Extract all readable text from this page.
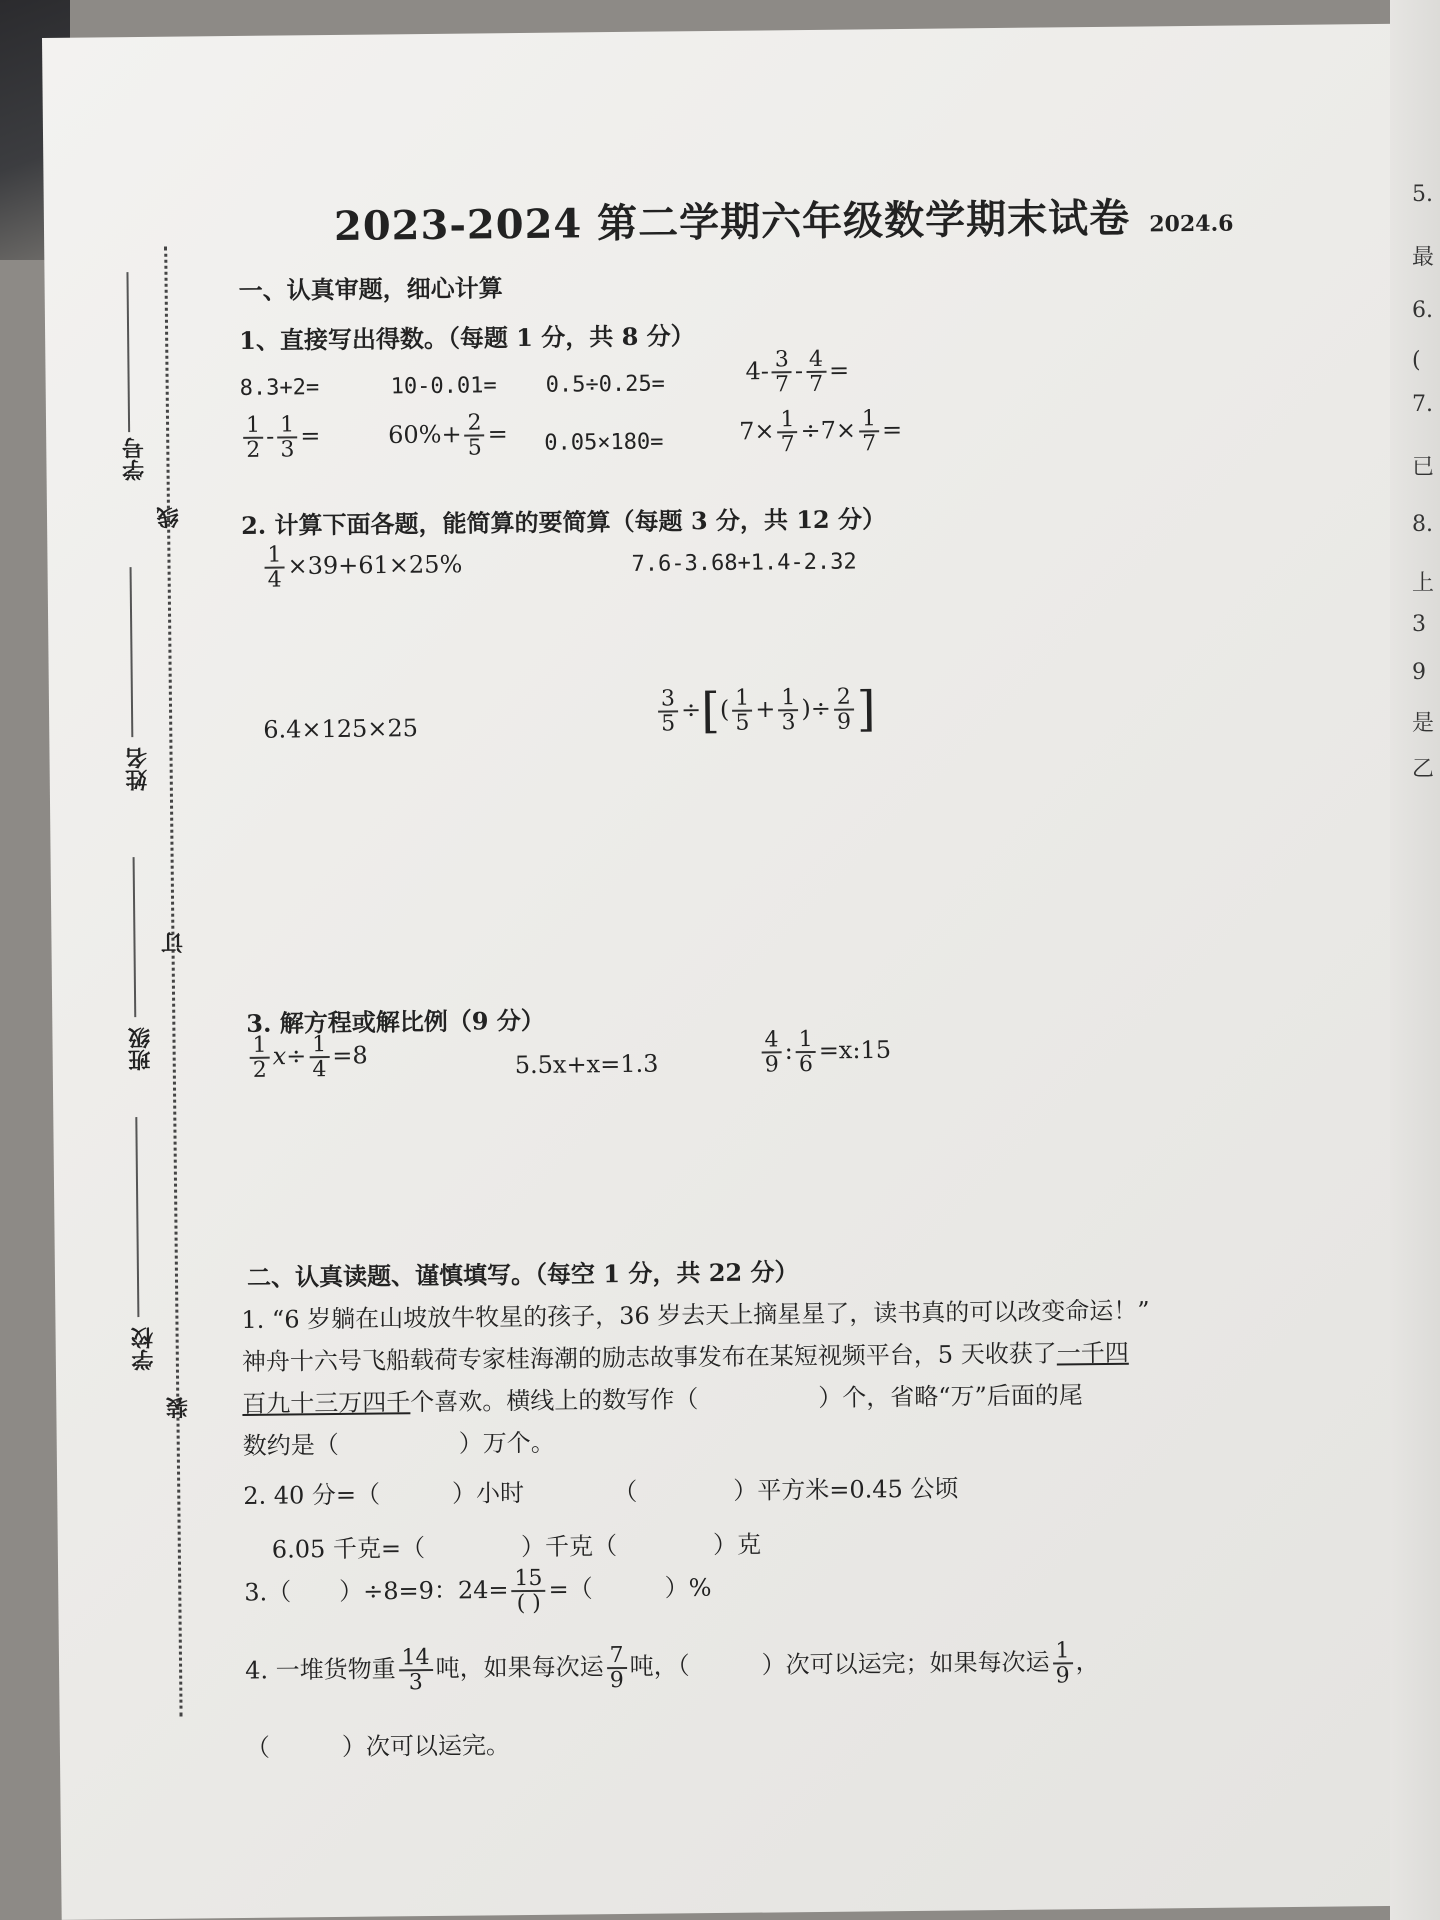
学号
线
姓名
订
班级
学校
装
2023-2024 第二学期六年级数学期末试卷 2024.6
一、认真审题，细心计算
1、直接写出得数。（每题 1 分，共 8 分）
8.3+2=	10-0.01= 0.5÷0.25=	$4- \frac{3}{7} - \frac{4}{7}$ =
$\frac{1}{2} - \frac{1}{3}$ =	$60\%+ \frac{2}{5} = 0.05\times 180=$	$7\times \frac{1}{7} \div 7\times \frac{1}{7}$ =
2. 计算下面各题，能简算的要简算（每题 3 分，共 12 分）
$\frac{1}{4} \times 39+61\times 25\%$	7.6-3.68+1.4-2.32
6.4×125×25	$\frac{3}{5}$ ÷[( $\frac{1}{5} + \frac{1}{3}$ )÷ $\frac{2}{9}$ ]
3. 解方程或解比例（9 分）
$\frac{1}{2} x\div \frac{1}{4} =8$	5.5x+x=1.3	$\frac{4}{9}$ : $\frac{1}{6}$ =x:15
二、认真读题、谨慎填写。（每空 1 分，共 22 分）
1. “6 岁躺在山坡放牛牧星的孩子，36 岁去天上摘星星了，读书真的可以改变命运！”
神舟十六号飞船载荷专家桂海潮的励志故事发布在某短视频平台，5 天收获了一千四
百九十三万四千个喜欢。横线上的数写作（　　　　　）个，省略“万”后面的尾
数约是（　　　　　）万个。
2. 40 分=（　　　）小时	（　　　　）平方米=0.45 公顷
6.05 千克=（　　　　）千克（　　　　）克
3.（　　）÷8=9：$24= \frac{15}{( )}$ =（　　　）%
4. 一堆货物重 $\frac{14}{3}$ 吨，如果每次运 $\frac{7}{9}$ 吨，（　　　）次可以运完；如果每次运 $\frac{1}{9}$ ，
（　　　）次可以运完。
5.
最
6.
(
7.
已
8.
上
3
9
是
乙
